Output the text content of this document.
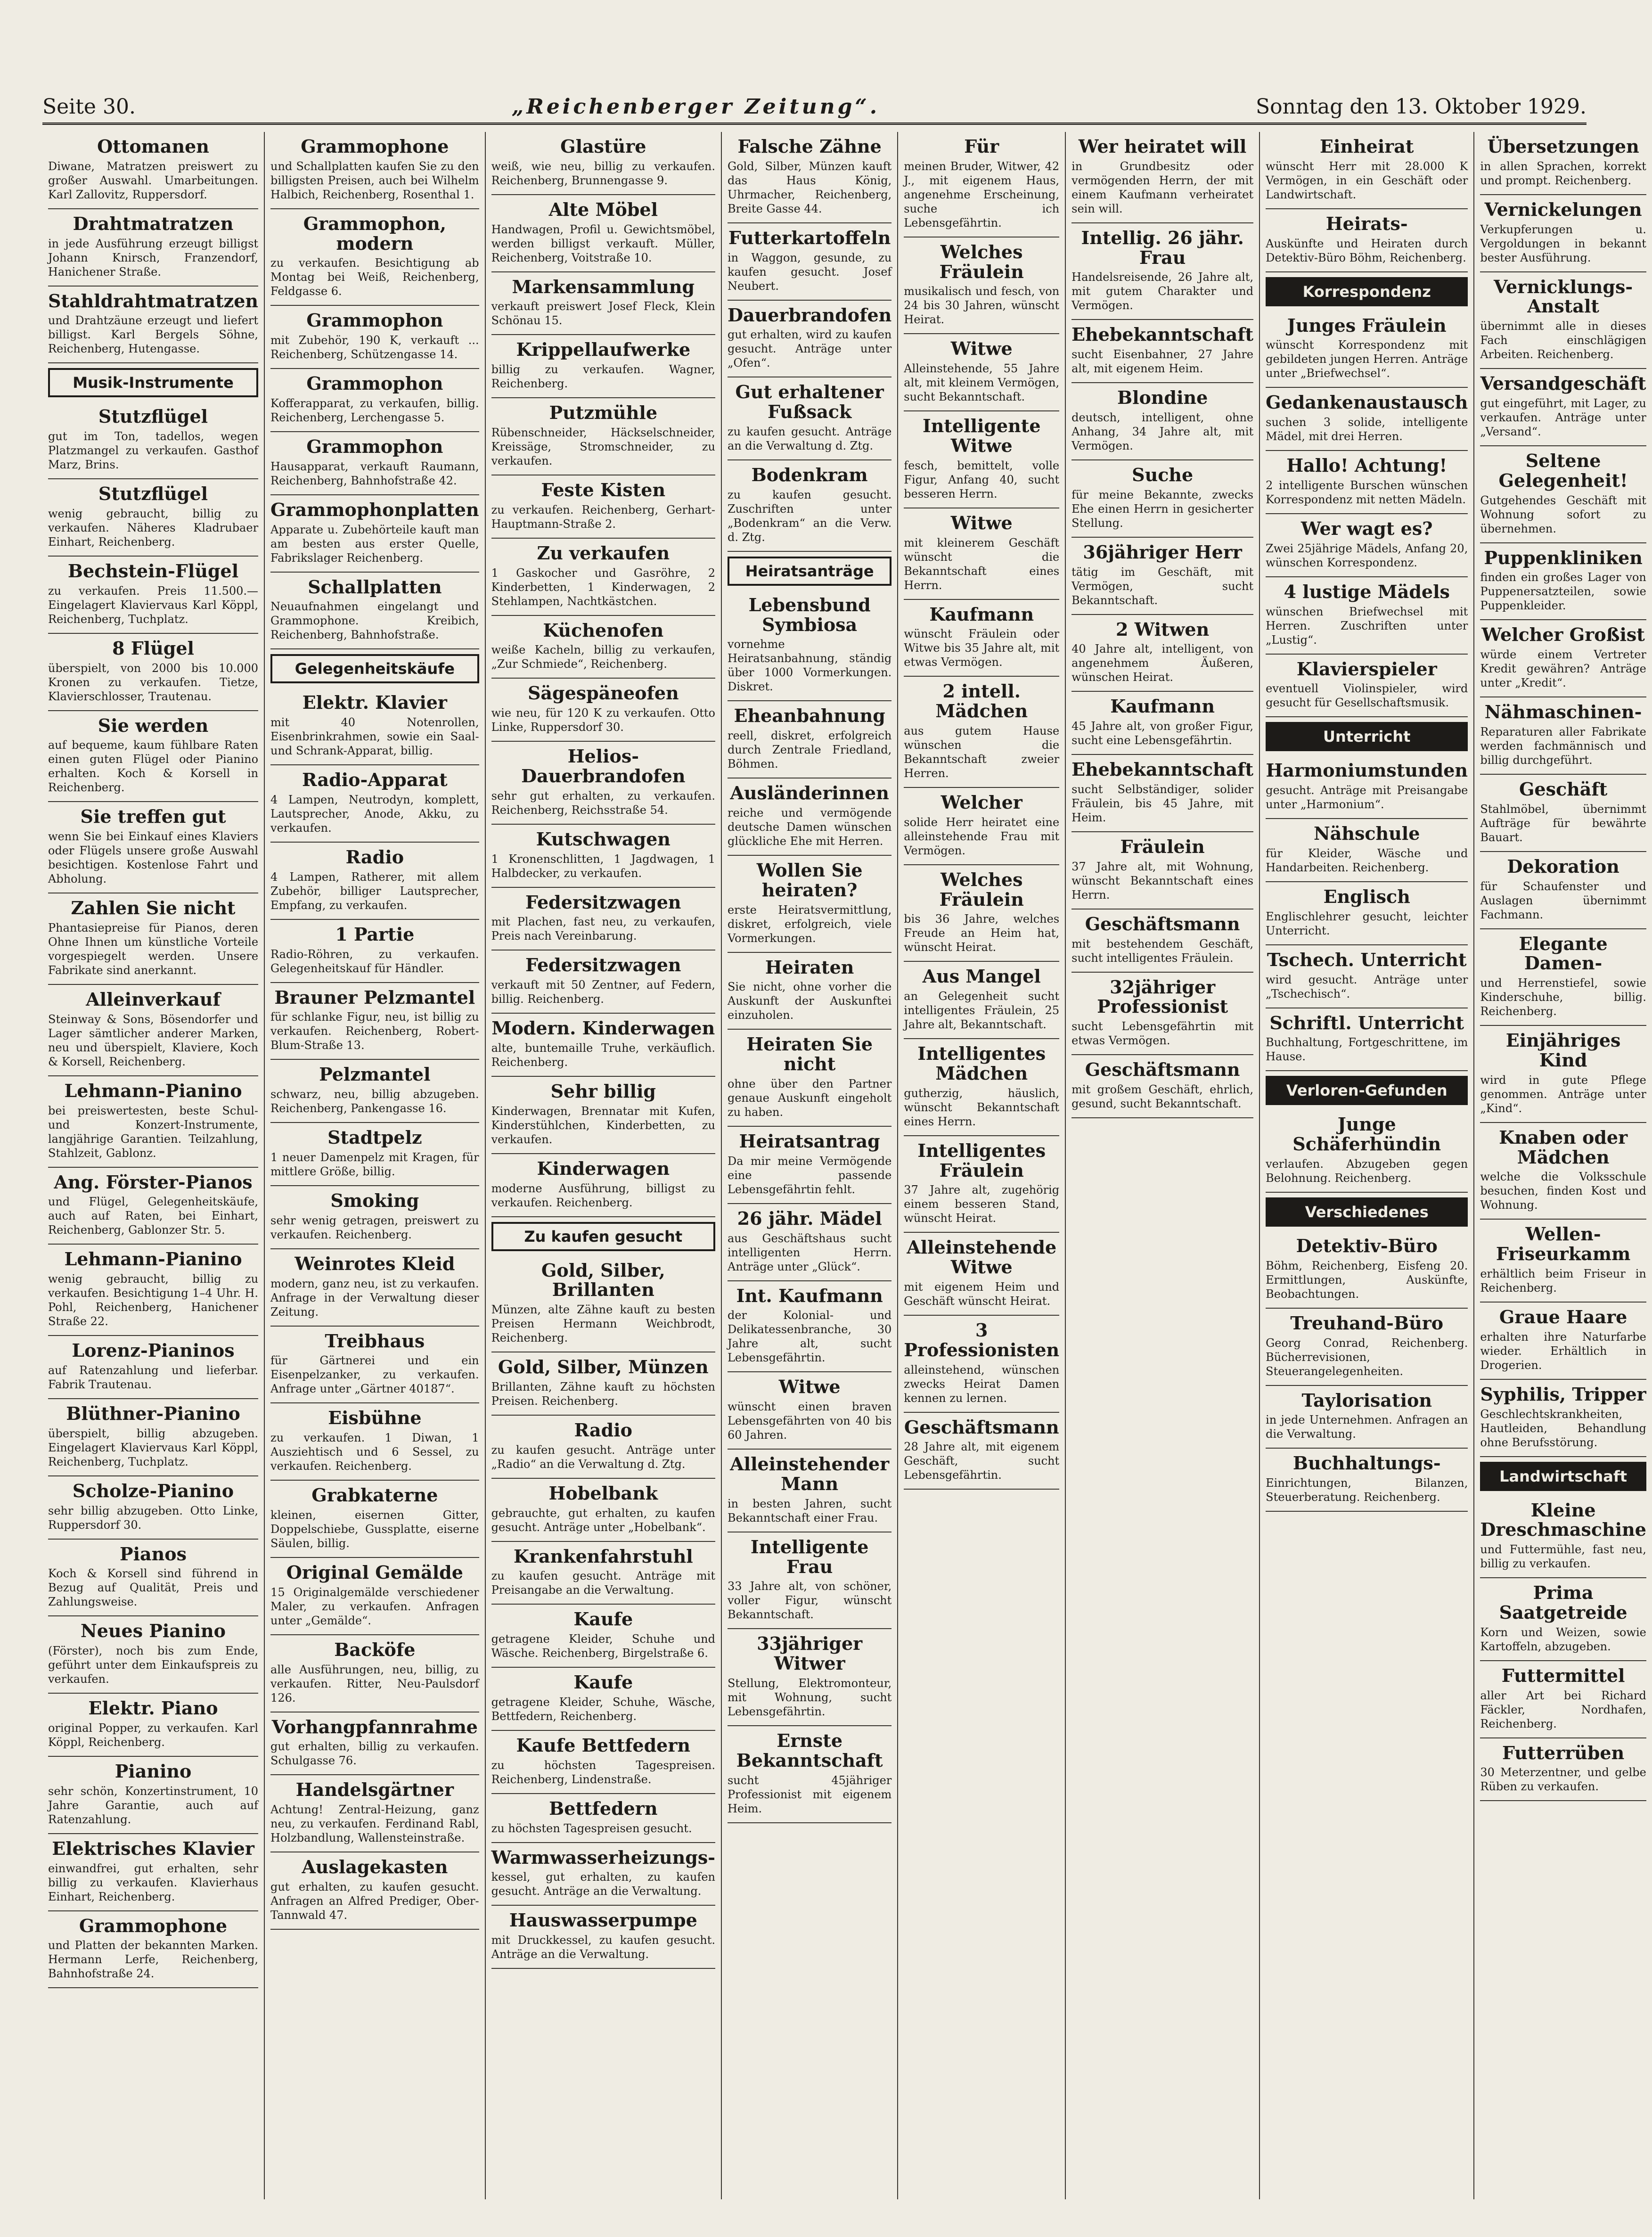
Seite 30.	„Reichenberger Zeitung“.	Sonntag den 13. Oktober 1929.
Ottomanen
Diwane, Matratzen preiswert zu großer Auswahl. Umarbeitungen. Karl Zallovitz, Ruppersdorf.
Drahtmatratzen
in jede Ausführung erzeugt billigst Johann Knirsch, Franzendorf, Hanichener Straße.
Stahldrahtmatratzen
und Drahtzäune erzeugt und liefert billigst. Karl Bergels Söhne, Reichenberg, Hutengasse.
Musik-Instrumente
Stutzflügel
gut im Ton, tadellos, wegen Platzmangel zu verkaufen. Gasthof Marz, Brins.
Stutzflügel
wenig gebraucht, billig zu verkaufen. Näheres Kladrubaer Einhart, Reichenberg.
Bechstein-Flügel
zu verkaufen. Preis 11.500.— Eingelagert Klaviervaus Karl Köppl, Reichenberg, Tuchplatz.
8 Flügel
überspielt, von 2000 bis 10.000 Kronen zu verkaufen. Tietze, Klavierschlosser, Trautenau.
Sie werden
auf bequeme, kaum fühlbare Raten einen guten Flügel oder Pianino erhalten. Koch & Korsell in Reichenberg.
Sie treffen gut
wenn Sie bei Einkauf eines Klaviers oder Flügels unsere große Auswahl besichtigen. Kostenlose Fahrt und Abholung.
Zahlen Sie nicht
Phantasiepreise für Pianos, deren Ohne Ihnen um künstliche Vorteile vorgespiegelt werden. Unsere Fabrikate sind anerkannt.
Alleinverkauf
Steinway & Sons, Bösendorfer und Lager sämtlicher anderer Marken, neu und überspielt, Klaviere, Koch & Korsell, Reichenberg.
Lehmann-Pianino
bei preiswertesten, beste Schul- und Konzert-Instrumente, langjährige Garantien. Teilzahlung, Stahlzeit, Gablonz.
Ang. Förster-Pianos
und Flügel, Gelegenheitskäufe, auch auf Raten, bei Einhart, Reichenberg, Gablonzer Str. 5.
Lehmann-Pianino
wenig gebraucht, billig zu verkaufen. Besichtigung 1–4 Uhr. H. Pohl, Reichenberg, Hanichener Straße 22.
Lorenz-Pianinos
auf Ratenzahlung und lieferbar. Fabrik Trautenau.
Blüthner-Pianino
überspielt, billig abzugeben. Eingelagert Klaviervaus Karl Köppl, Reichenberg, Tuchplatz.
Scholze-Pianino
sehr billig abzugeben. Otto Linke, Ruppersdorf 30.
Pianos
Koch & Korsell sind führend in Bezug auf Qualität, Preis und Zahlungsweise.
Neues Pianino
(Förster), noch bis zum Ende, geführt unter dem Einkaufspreis zu verkaufen.
Elektr. Piano
original Popper, zu verkaufen. Karl Köppl, Reichenberg.
Pianino
sehr schön, Konzertinstrument, 10 Jahre Garantie, auch auf Ratenzahlung.
Elektrisches Klavier
einwandfrei, gut erhalten, sehr billig zu verkaufen. Klavierhaus Einhart, Reichenberg.
Grammophone
und Platten der bekannten Marken. Hermann Lerfe, Reichenberg, Bahnhofstraße 24.
Grammophone
und Schallplatten kaufen Sie zu den billigsten Preisen, auch bei Wilhelm Halbich, Reichenberg, Rosenthal 1.
Grammophon, modern
zu verkaufen. Besichtigung ab Montag bei Weiß, Reichenberg, Feldgasse 6.
Grammophon
mit Zubehör, 190 K, verkauft ... Reichenberg, Schützengasse 14.
Grammophon
Kofferapparat, zu verkaufen, billig. Reichenberg, Lerchengasse 5.
Grammophon
Hausapparat, verkauft Raumann, Reichenberg, Bahnhofstraße 42.
Grammophonplatten
Apparate u. Zubehörteile kauft man am besten aus erster Quelle, Fabrikslager Reichenberg.
Schallplatten
Neuaufnahmen eingelangt und Grammophone. Kreibich, Reichenberg, Bahnhofstraße.
Gelegenheitskäufe
Elektr. Klavier
mit 40 Notenrollen, Eisenbrinkrahmen, sowie ein Saal- und Schrank-Apparat, billig.
Radio-Apparat
4 Lampen, Neutrodyn, komplett, Lautsprecher, Anode, Akku, zu verkaufen.
Radio
4 Lampen, Ratherer, mit allem Zubehör, billiger Lautsprecher, Empfang, zu verkaufen.
1 Partie
Radio-Röhren, zu verkaufen. Gelegenheitskauf für Händler.
Brauner Pelzmantel
für schlanke Figur, neu, ist billig zu verkaufen. Reichenberg, Robert-Blum-Straße 13.
Pelzmantel
schwarz, neu, billig abzugeben. Reichenberg, Pankengasse 16.
Stadtpelz
1 neuer Damenpelz mit Kragen, für mittlere Größe, billig.
Smoking
sehr wenig getragen, preiswert zu verkaufen. Reichenberg.
Weinrotes Kleid
modern, ganz neu, ist zu verkaufen. Anfrage in der Verwaltung dieser Zeitung.
Treibhaus
für Gärtnerei und ein Eisenpelzanker, zu verkaufen. Anfrage unter „Gärtner 40187“.
Eisbühne
zu verkaufen. 1 Diwan, 1 Ausziehtisch und 6 Sessel, zu verkaufen. Reichenberg.
Grabkaterne
kleinen, eisernen Gitter, Doppelschiebe, Gussplatte, eiserne Säulen, billig.
Original Gemälde
15 Originalgemälde verschiedener Maler, zu verkaufen. Anfragen unter „Gemälde“.
Backöfe
alle Ausführungen, neu, billig, zu verkaufen. Ritter, Neu-Paulsdorf 126.
Vorhangpfannrahme
gut erhalten, billig zu verkaufen. Schulgasse 76.
Handelsgärtner
Achtung! Zentral-Heizung, ganz neu, zu verkaufen. Ferdinand Rabl, Holzbandlung, Wallensteinstraße.
Auslagekasten
gut erhalten, zu kaufen gesucht. Anfragen an Alfred Prediger, Ober-Tannwald 47.
Glastüre
weiß, wie neu, billig zu verkaufen. Reichenberg, Brunnengasse 9.
Alte Möbel
Handwagen, Profil u. Gewichtsmöbel, werden billigst verkauft. Müller, Reichenberg, Voitstraße 10.
Markensammlung
verkauft preiswert Josef Fleck, Klein Schönau 15.
Krippellaufwerke
billig zu verkaufen. Wagner, Reichenberg.
Putzmühle
Rübenschneider, Häckselschneider, Kreissäge, Stromschneider, zu verkaufen.
Feste Kisten
zu verkaufen. Reichenberg, Gerhart-Hauptmann-Straße 2.
Zu verkaufen
1 Gaskocher und Gasröhre, 2 Kinderbetten, 1 Kinderwagen, 2 Stehlampen, Nachtkästchen.
Küchenofen
weiße Kacheln, billig zu verkaufen, „Zur Schmiede“, Reichenberg.
Sägespäneofen
wie neu, für 120 K zu verkaufen. Otto Linke, Ruppersdorf 30.
Helios-Dauerbrandofen
sehr gut erhalten, zu verkaufen. Reichenberg, Reichsstraße 54.
Kutschwagen
1 Kronenschlitten, 1 Jagdwagen, 1 Halbdecker, zu verkaufen.
Federsitzwagen
mit Plachen, fast neu, zu verkaufen, Preis nach Vereinbarung.
Federsitzwagen
verkauft mit 50 Zentner, auf Federn, billig. Reichenberg.
Modern. Kinderwagen
alte, buntemaille Truhe, verkäuflich. Reichenberg.
Sehr billig
Kinderwagen, Brennatar mit Kufen, Kinderstühlchen, Kinderbetten, zu verkaufen.
Kinderwagen
moderne Ausführung, billigst zu verkaufen. Reichenberg.
Zu kaufen gesucht
Gold, Silber, Brillanten
Münzen, alte Zähne kauft zu besten Preisen Hermann Weichbrodt, Reichenberg.
Gold, Silber, Münzen
Brillanten, Zähne kauft zu höchsten Preisen. Reichenberg.
Radio
zu kaufen gesucht. Anträge unter „Radio“ an die Verwaltung d. Ztg.
Hobelbank
gebrauchte, gut erhalten, zu kaufen gesucht. Anträge unter „Hobelbank“.
Krankenfahrstuhl
zu kaufen gesucht. Anträge mit Preisangabe an die Verwaltung.
Kaufe
getragene Kleider, Schuhe und Wäsche. Reichenberg, Birgelstraße 6.
Kaufe
getragene Kleider, Schuhe, Wäsche, Bettfedern, Reichenberg.
Kaufe Bettfedern
zu höchsten Tagespreisen. Reichenberg, Lindenstraße.
Bettfedern
zu höchsten Tagespreisen gesucht.
Warmwasserheizungs-
kessel, gut erhalten, zu kaufen gesucht. Anträge an die Verwaltung.
Hauswasserpumpe
mit Druckkessel, zu kaufen gesucht. Anträge an die Verwaltung.
Falsche Zähne
Gold, Silber, Münzen kauft das Haus König, Uhrmacher, Reichenberg, Breite Gasse 44.
Futterkartoffeln
in Waggon, gesunde, zu kaufen gesucht. Josef Neubert.
Dauerbrandofen
gut erhalten, wird zu kaufen gesucht. Anträge unter „Ofen“.
Gut erhaltener Fußsack
zu kaufen gesucht. Anträge an die Verwaltung d. Ztg.
Bodenkram
zu kaufen gesucht. Zuschriften unter „Bodenkram“ an die Verw. d. Ztg.
Heiratsanträge
Lebensbund Symbiosa
vornehme Heiratsanbahnung, ständig über 1000 Vormerkungen. Diskret.
Eheanbahnung
reell, diskret, erfolgreich durch Zentrale Friedland, Böhmen.
Ausländerinnen
reiche und vermögende deutsche Damen wünschen glückliche Ehe mit Herren.
Wollen Sie heiraten?
erste Heiratsvermittlung, diskret, erfolgreich, viele Vormerkungen.
Heiraten
Sie nicht, ohne vorher die Auskunft der Auskunftei einzuholen.
Heiraten Sie nicht
ohne über den Partner genaue Auskunft eingeholt zu haben.
Heiratsantrag
Da mir meine Vermögende eine passende Lebensgefährtin fehlt.
26 jähr. Mädel
aus Geschäftshaus sucht intelligenten Herrn. Anträge unter „Glück“.
Int. Kaufmann
der Kolonial- und Delikatessenbranche, 30 Jahre alt, sucht Lebensgefährtin.
Witwe
wünscht einen braven Lebensgefährten von 40 bis 60 Jahren.
Alleinstehender Mann
in besten Jahren, sucht Bekanntschaft einer Frau.
Intelligente Frau
33 Jahre alt, von schöner, voller Figur, wünscht Bekanntschaft.
33jähriger Witwer
Stellung, Elektromonteur, mit Wohnung, sucht Lebensgefährtin.
Ernste Bekanntschaft
sucht 45jähriger Professionist mit eigenem Heim.
Für
meinen Bruder, Witwer, 42 J., mit eigenem Haus, angenehme Erscheinung, suche ich Lebensgefährtin.
Welches Fräulein
musikalisch und fesch, von 24 bis 30 Jahren, wünscht Heirat.
Witwe
Alleinstehende, 55 Jahre alt, mit kleinem Vermögen, sucht Bekanntschaft.
Intelligente Witwe
fesch, bemittelt, volle Figur, Anfang 40, sucht besseren Herrn.
Witwe
mit kleinerem Geschäft wünscht die Bekanntschaft eines Herrn.
Kaufmann
wünscht Fräulein oder Witwe bis 35 Jahre alt, mit etwas Vermögen.
2 intell. Mädchen
aus gutem Hause wünschen die Bekanntschaft zweier Herren.
Welcher
solide Herr heiratet eine alleinstehende Frau mit Vermögen.
Welches Fräulein
bis 36 Jahre, welches Freude an Heim hat, wünscht Heirat.
Aus Mangel
an Gelegenheit sucht intelligentes Fräulein, 25 Jahre alt, Bekanntschaft.
Intelligentes Mädchen
gutherzig, häuslich, wünscht Bekanntschaft eines Herrn.
Intelligentes Fräulein
37 Jahre alt, zugehörig einem besseren Stand, wünscht Heirat.
Alleinstehende Witwe
mit eigenem Heim und Geschäft wünscht Heirat.
3 Professionisten
alleinstehend, wünschen zwecks Heirat Damen kennen zu lernen.
Geschäftsmann
28 Jahre alt, mit eigenem Geschäft, sucht Lebensgefährtin.
Wer heiratet will
in Grundbesitz oder vermögenden Herrn, der mit einem Kaufmann verheiratet sein will.
Intellig. 26 jähr. Frau
Handelsreisende, 26 Jahre alt, mit gutem Charakter und Vermögen.
Ehebekanntschaft
sucht Eisenbahner, 27 Jahre alt, mit eigenem Heim.
Blondine
deutsch, intelligent, ohne Anhang, 34 Jahre alt, mit Vermögen.
Suche
für meine Bekannte, zwecks Ehe einen Herrn in gesicherter Stellung.
36jähriger Herr
tätig im Geschäft, mit Vermögen, sucht Bekanntschaft.
2 Witwen
40 Jahre alt, intelligent, von angenehmem Äußeren, wünschen Heirat.
Kaufmann
45 Jahre alt, von großer Figur, sucht eine Lebensgefährtin.
Ehebekanntschaft
sucht Selbständiger, solider Fräulein, bis 45 Jahre, mit Heim.
Fräulein
37 Jahre alt, mit Wohnung, wünscht Bekanntschaft eines Herrn.
Geschäftsmann
mit bestehendem Geschäft, sucht intelligentes Fräulein.
32jähriger Professionist
sucht Lebensgefährtin mit etwas Vermögen.
Geschäftsmann
mit großem Geschäft, ehrlich, gesund, sucht Bekanntschaft.
Einheirat
wünscht Herr mit 28.000 K Vermögen, in ein Geschäft oder Landwirtschaft.
Heirats-
Auskünfte und Heiraten durch Detektiv-Büro Böhm, Reichenberg.
Korrespondenz
Junges Fräulein
wünscht Korrespondenz mit gebildeten jungen Herren. Anträge unter „Briefwechsel“.
Gedankenaustausch
suchen 3 solide, intelligente Mädel, mit drei Herren.
Hallo! Achtung!
2 intelligente Burschen wünschen Korrespondenz mit netten Mädeln.
Wer wagt es?
Zwei 25jährige Mädels, Anfang 20, wünschen Korrespondenz.
4 lustige Mädels
wünschen Briefwechsel mit Herren. Zuschriften unter „Lustig“.
Klavierspieler
eventuell Violinspieler, wird gesucht für Gesellschaftsmusik.
Unterricht
Harmoniumstunden
gesucht. Anträge mit Preisangabe unter „Harmonium“.
Nähschule
für Kleider, Wäsche und Handarbeiten. Reichenberg.
Englisch
Englischlehrer gesucht, leichter Unterricht.
Tschech. Unterricht
wird gesucht. Anträge unter „Tschechisch“.
Schriftl. Unterricht
Buchhaltung, Fortgeschrittene, im Hause.
Verloren-Gefunden
Junge Schäferhündin
verlaufen. Abzugeben gegen Belohnung. Reichenberg.
Verschiedenes
Detektiv-Büro
Böhm, Reichenberg, Eisfeng 20. Ermittlungen, Auskünfte, Beobachtungen.
Treuhand-Büro
Georg Conrad, Reichenberg. Bücherrevisionen, Steuerangelegenheiten.
Taylorisation
in jede Unternehmen. Anfragen an die Verwaltung.
Buchhaltungs-
Einrichtungen, Bilanzen, Steuerberatung. Reichenberg.
Übersetzungen
in allen Sprachen, korrekt und prompt. Reichenberg.
Vernickelungen
Verkupferungen u. Vergoldungen in bekannt bester Ausführung.
Vernicklungs-Anstalt
übernimmt alle in dieses Fach einschlägigen Arbeiten. Reichenberg.
Versandgeschäft
gut eingeführt, mit Lager, zu verkaufen. Anträge unter „Versand“.
Seltene Gelegenheit!
Gutgehendes Geschäft mit Wohnung sofort zu übernehmen.
Puppenkliniken
finden ein großes Lager von Puppenersatzteilen, sowie Puppenkleider.
Welcher Großist
würde einem Vertreter Kredit gewähren? Anträge unter „Kredit“.
Nähmaschinen-
Reparaturen aller Fabrikate werden fachmännisch und billig durchgeführt.
Geschäft
Stahlmöbel, übernimmt Aufträge für bewährte Bauart.
Dekoration
für Schaufenster und Auslagen übernimmt Fachmann.
Elegante Damen-
und Herrenstiefel, sowie Kinderschuhe, billig. Reichenberg.
Einjähriges Kind
wird in gute Pflege genommen. Anträge unter „Kind“.
Knaben oder Mädchen
welche die Volksschule besuchen, finden Kost und Wohnung.
Wellen-Friseurkamm
erhältlich beim Friseur in Reichenberg.
Graue Haare
erhalten ihre Naturfarbe wieder. Erhältlich in Drogerien.
Syphilis, Tripper
Geschlechtskrankheiten, Hautleiden, Behandlung ohne Berufsstörung.
Landwirtschaft
Kleine Dreschmaschine
und Futtermühle, fast neu, billig zu verkaufen.
Prima Saatgetreide
Korn und Weizen, sowie Kartoffeln, abzugeben.
Futtermittel
aller Art bei Richard Fäckler, Nordhafen, Reichenberg.
Futterrüben
30 Meterzentner, und gelbe Rüben zu verkaufen.
